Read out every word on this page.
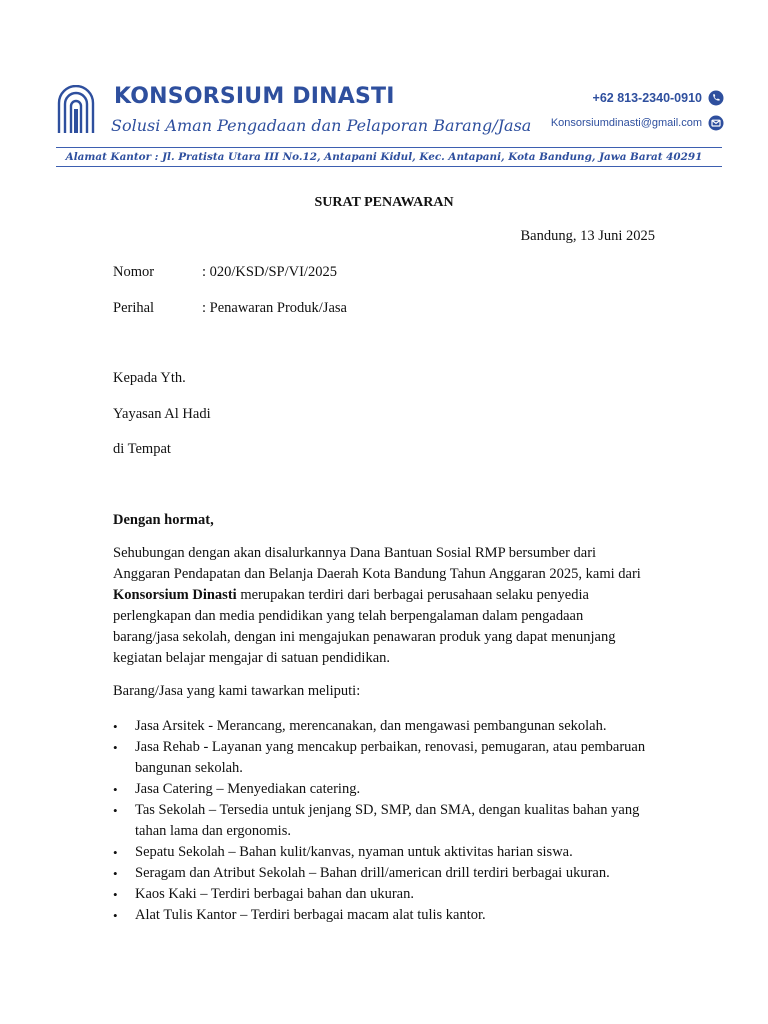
KONSORSIUM DINASTI
Solusi Aman Pengadaan dan Pelaporan Barang/Jasa
+62 813-2340-0910
Konsorsiumdinasti@gmail.com
Alamat Kantor : Jl. Pratista Utara III No.12, Antapani Kidul, Kec. Antapani, Kota Bandung, Jawa Barat 40291
SURAT PENAWARAN
Bandung, 13 Juni 2025
Nomor	: 020/KSD/SP/VI/2025
Perihal	: Penawaran Produk/Jasa
Kepada Yth.
Yayasan Al Hadi
di Tempat
Dengan hormat,

Sehubungan dengan akan disalurkannya Dana Bantuan Sosial RMP bersumber dari Anggaran Pendapatan dan Belanja Daerah Kota Bandung Tahun Anggaran 2025, kami dari Konsorsium Dinasti merupakan terdiri dari berbagai perusahaan selaku penyedia perlengkapan dan media pendidikan yang telah berpengalaman dalam pengadaan barang/jasa sekolah, dengan ini mengajukan penawaran produk yang dapat menunjang kegiatan belajar mengajar di satuan pendidikan.

Barang/Jasa yang kami tawarkan meliputi:
• Jasa Arsitek - Merancang, merencanakan, dan mengawasi pembangunan sekolah.
• Jasa Rehab - Layanan yang mencakup perbaikan, renovasi, pemugaran, atau pembaruan bangunan sekolah.
• Jasa Catering – Menyediakan catering.
• Tas Sekolah – Tersedia untuk jenjang SD, SMP, dan SMA, dengan kualitas bahan yang tahan lama dan ergonomis.
• Sepatu Sekolah – Bahan kulit/kanvas, nyaman untuk aktivitas harian siswa.
• Seragam dan Atribut Sekolah – Bahan drill/american drill terdiri berbagai ukuran.
• Kaos Kaki – Terdiri berbagai bahan dan ukuran.
• Alat Tulis Kantor – Terdiri berbagai macam alat tulis kantor.
